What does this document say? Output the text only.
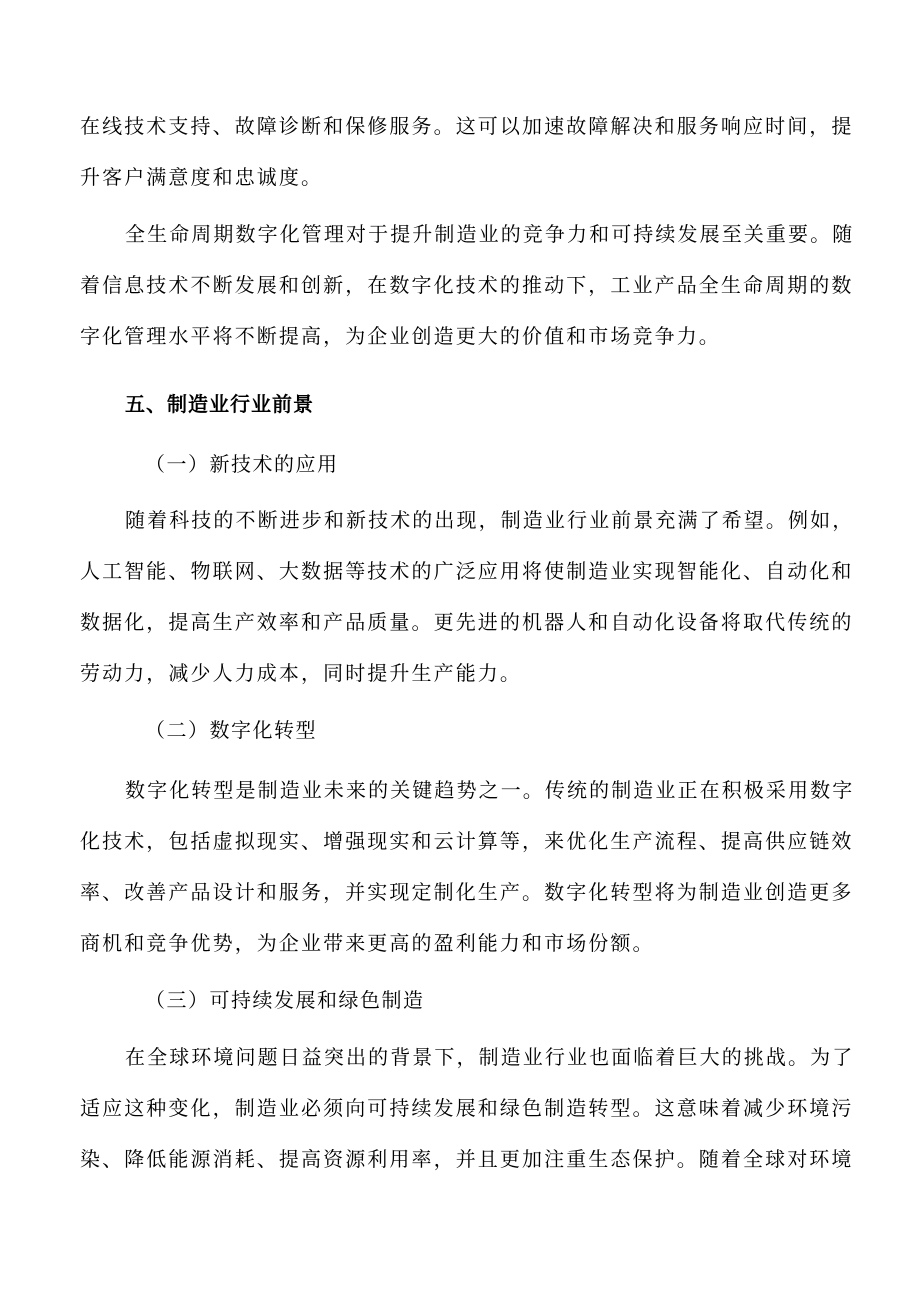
在线技术支持、故障诊断和保修服务。这可以加速故障解决和服务响应时间，提
升客户满意度和忠诚度。
全生命周期数字化管理对于提升制造业的竞争力和可持续发展至关重要。随
着信息技术不断发展和创新，在数字化技术的推动下，工业产品全生命周期的数
字化管理水平将不断提高，为企业创造更大的价值和市场竞争力。
五、制造业行业前景
（一）新技术的应用
随着科技的不断进步和新技术的出现，制造业行业前景充满了希望。例如，
人工智能、物联网、大数据等技术的广泛应用将使制造业实现智能化、自动化和
数据化，提高生产效率和产品质量。更先进的机器人和自动化设备将取代传统的
劳动力，减少人力成本，同时提升生产能力。
（二）数字化转型
数字化转型是制造业未来的关键趋势之一。传统的制造业正在积极采用数字
化技术，包括虚拟现实、增强现实和云计算等，来优化生产流程、提高供应链效
率、改善产品设计和服务，并实现定制化生产。数字化转型将为制造业创造更多
商机和竞争优势，为企业带来更高的盈利能力和市场份额。
（三）可持续发展和绿色制造
在全球环境问题日益突出的背景下，制造业行业也面临着巨大的挑战。为了
适应这种变化，制造业必须向可持续发展和绿色制造转型。这意味着减少环境污
染、降低能源消耗、提高资源利用率，并且更加注重生态保护。随着全球对环境
